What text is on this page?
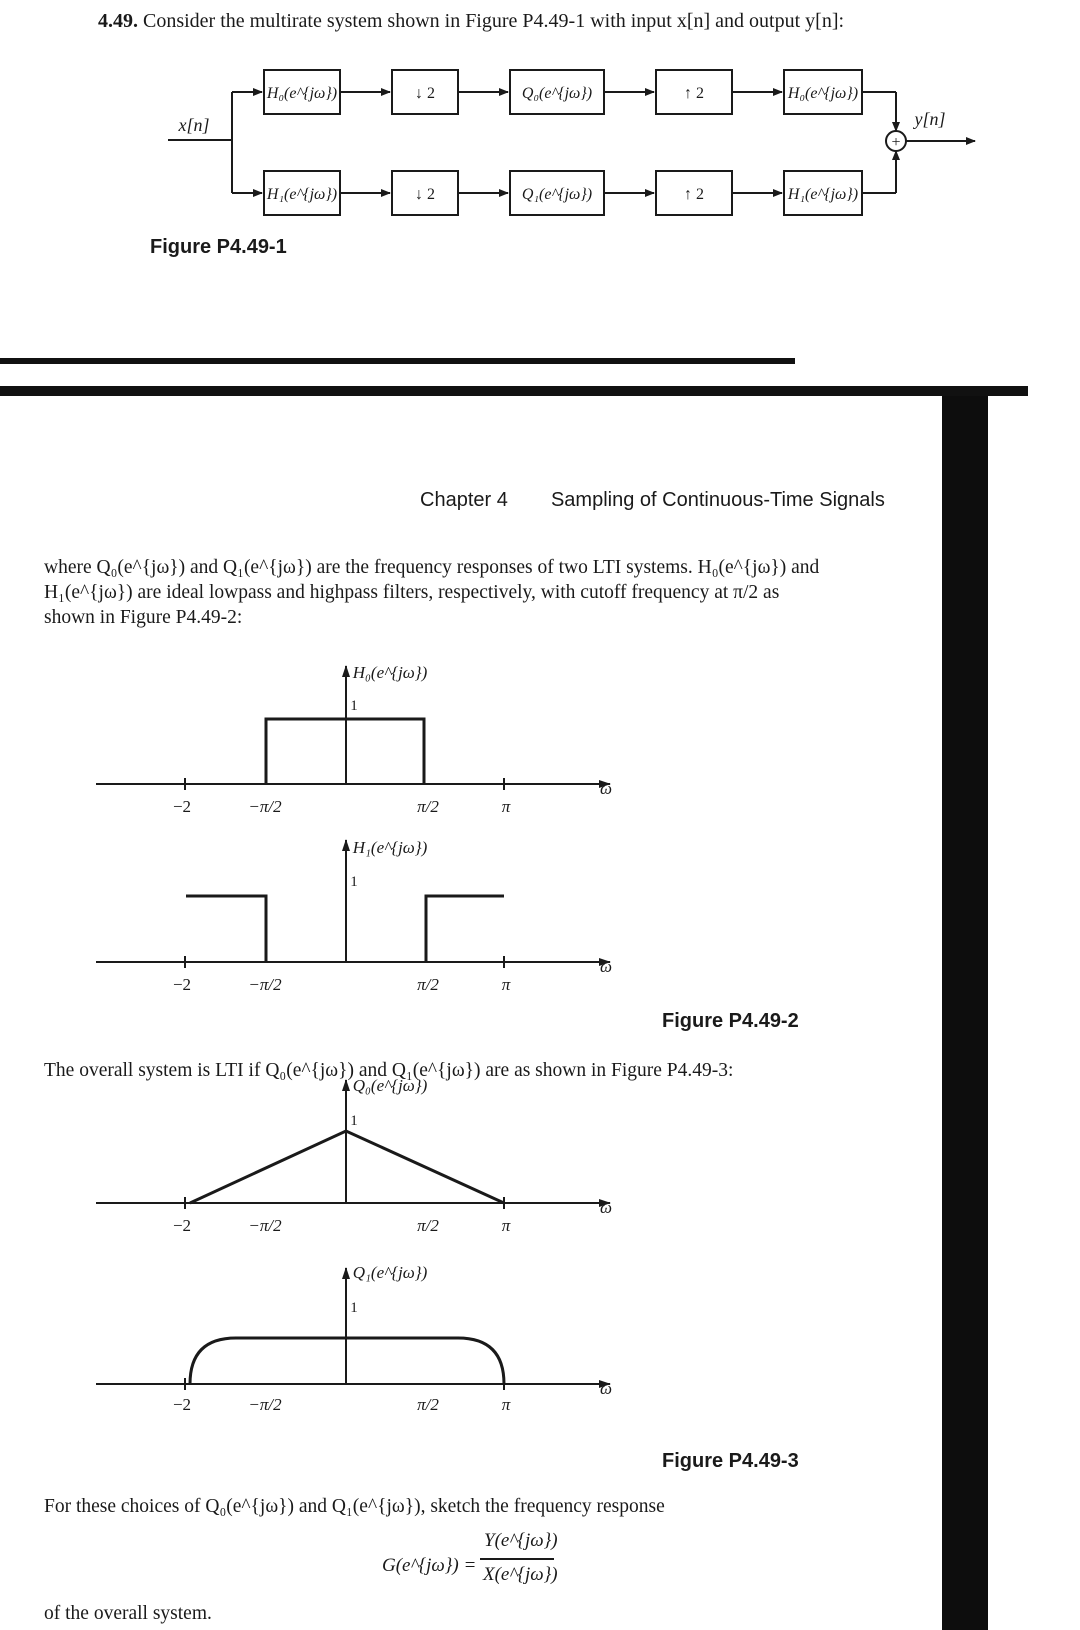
4.49. Consider the multirate system shown in Figure P4.49-1 with input x[n] and output y[n]:
H₀(e^{jω})	↓ 2	Q₀(e^{jω})	↑ 2	H₀(e^{jω})
H₁(e^{jω})	↓ 2	Q₁(e^{jω})	↑ 2	H₁(e^{jω})
x[n]	y[n]
+
Figure P4.49-1
Chapter 4 Sampling of Continuous-Time Signals
where Q₀(e^{jω}) and Q₁(e^{jω}) are the frequency responses of two LTI systems. H₀(e^{jω}) and
H₁(e^{jω}) are ideal lowpass and highpass filters, respectively, with cutoff frequency at π/2 as
shown in Figure P4.49-2:
H₀(e^{jω})
1
−2	−π/2	π/2	π
ω
H₁(e^{jω})
1
−2	−π/2	π/2	π
ω
Q₀(e^{jω})
1
−2	−π/2	π/2	π
ω
Q₁(e^{jω})
1
−2	−π/2	π/2	π
ω
Figure P4.49-2
The overall system is LTI if Q₀(e^{jω}) and Q₁(e^{jω}) are as shown in Figure P4.49-3:
Figure P4.49-3
For these choices of Q₀(e^{jω}) and Q₁(e^{jω}), sketch the frequency response
G(e^{jω}) =
Y(e^{jω})
X(e^{jω})
of the overall system.
